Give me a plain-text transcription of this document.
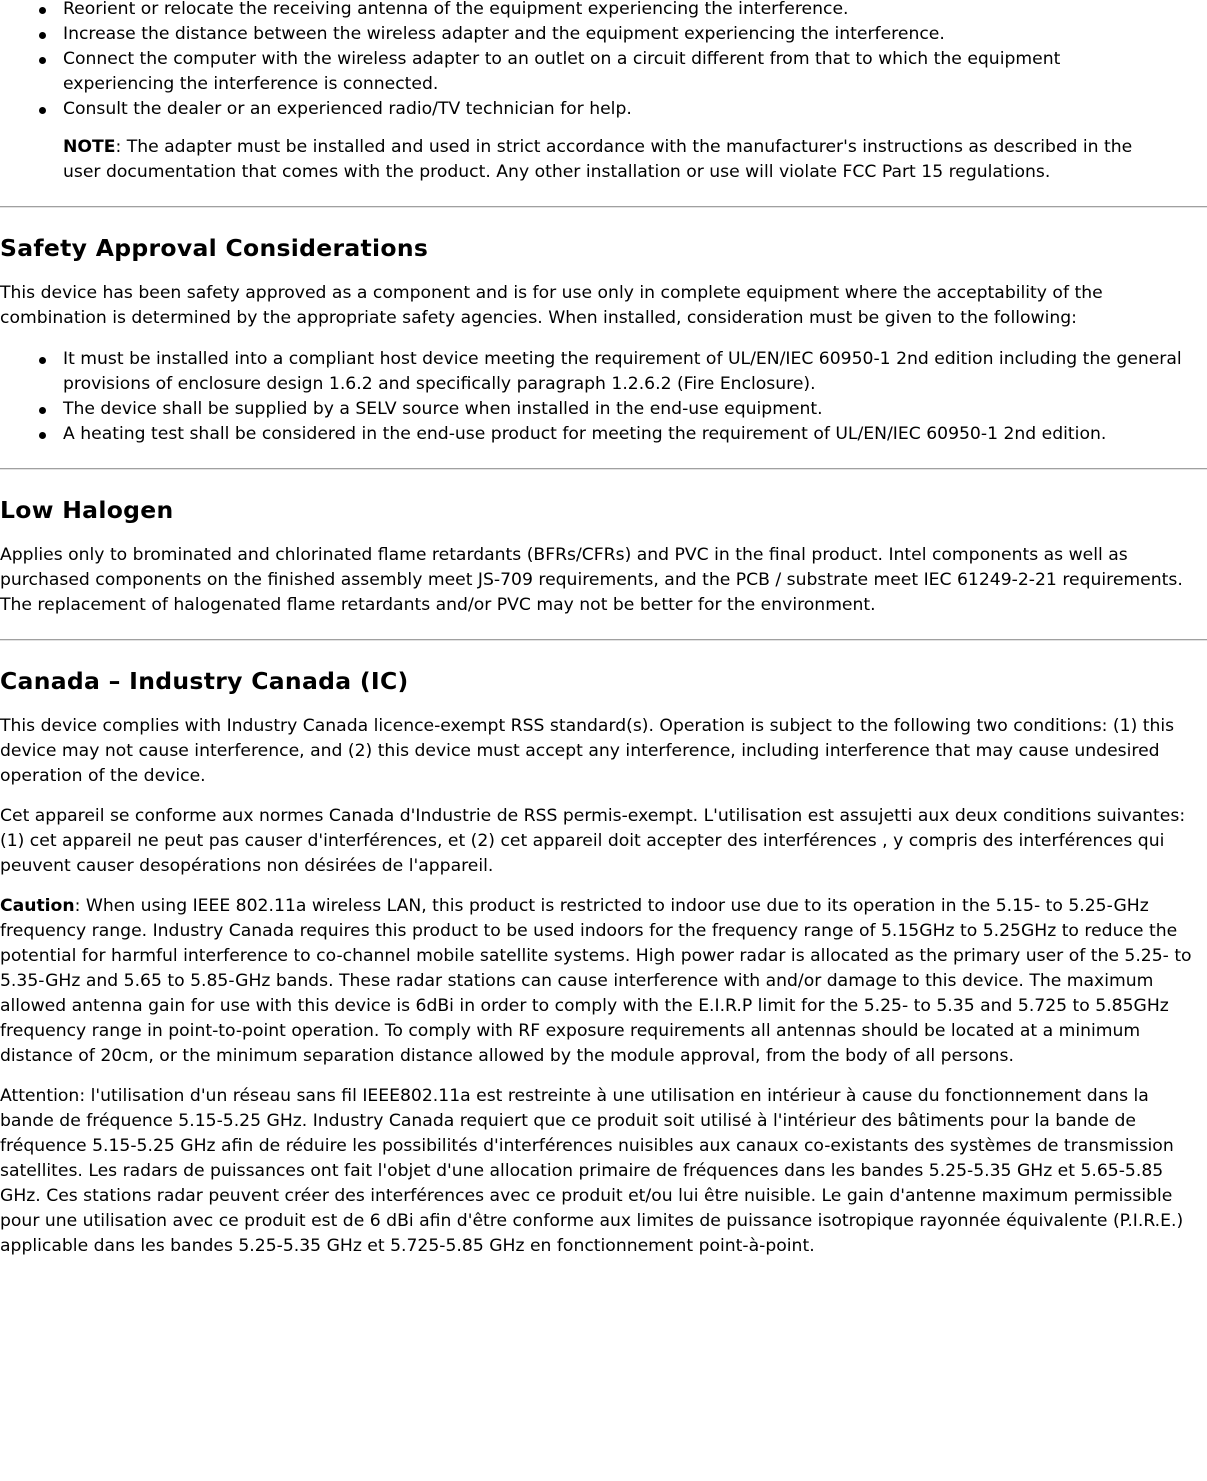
Reorient or relocate the receiving antenna of the equipment experiencing the interference.
Increase the distance between the wireless adapter and the equipment experiencing the interference.
Connect the computer with the wireless adapter to an outlet on a circuit different from that to which the equipment experiencing the interference is connected.
Consult the dealer or an experienced radio/TV technician for help.

NOTE: The adapter must be installed and used in strict accordance with the manufacturer's instructions as described in the user documentation that comes with the product. Any other installation or use will violate FCC Part 15 regulations.

Safety Approval Considerations

This device has been safety approved as a component and is for use only in complete equipment where the acceptability of the combination is determined by the appropriate safety agencies. When installed, consideration must be given to the following:

It must be installed into a compliant host device meeting the requirement of UL/EN/IEC 60950-1 2nd edition including the general provisions of enclosure design 1.6.2 and specifically paragraph 1.2.6.2 (Fire Enclosure).
The device shall be supplied by a SELV source when installed in the end-use equipment.
A heating test shall be considered in the end-use product for meeting the requirement of UL/EN/IEC 60950-1 2nd edition.
Low Halogen

Applies only to brominated and chlorinated flame retardants (BFRs/CFRs) and PVC in the final product. Intel components as well as purchased components on the finished assembly meet JS-709 requirements, and the PCB / substrate meet IEC 61249-2-21 requirements. The replacement of halogenated flame retardants and/or PVC may not be better for the environment.

Canada – Industry Canada (IC)

This device complies with Industry Canada licence-exempt RSS standard(s). Operation is subject to the following two conditions: (1) this device may not cause interference, and (2) this device must accept any interference, including interference that may cause undesired operation of the device.

Cet appareil se conforme aux normes Canada d'Industrie de RSS permis-exempt. L'utilisation est assujetti aux deux conditions suivantes: (1) cet appareil ne peut pas causer d'interférences, et (2) cet appareil doit accepter des interférences , y compris des interférences qui peuvent causer desopérations non désirées de l'appareil.

Caution: When using IEEE 802.11a wireless LAN, this product is restricted to indoor use due to its operation in the 5.15- to 5.25-GHz frequency range. Industry Canada requires this product to be used indoors for the frequency range of 5.15GHz to 5.25GHz to reduce the potential for harmful interference to co-channel mobile satellite systems. High power radar is allocated as the primary user of the 5.25- to 5.35-GHz and 5.65 to 5.85-GHz bands. These radar stations can cause interference with and/or damage to this device. The maximum allowed antenna gain for use with this device is 6dBi in order to comply with the E.I.R.P limit for the 5.25- to 5.35 and 5.725 to 5.85GHz frequency range in point-to-point operation. To comply with RF exposure requirements all antennas should be located at a minimum distance of 20cm, or the minimum separation distance allowed by the module approval, from the body of all persons.

Attention: l'utilisation d'un réseau sans fil IEEE802.11a est restreinte à une utilisation en intérieur à cause du fonctionnement dans la bande de fréquence 5.15-5.25 GHz. Industry Canada requiert que ce produit soit utilisé à l'intérieur des bâtiments pour la bande de fréquence 5.15-5.25 GHz afin de réduire les possibilités d'interférences nuisibles aux canaux co-existants des systèmes de transmission satellites. Les radars de puissances ont fait l'objet d'une allocation primaire de fréquences dans les bandes 5.25-5.35 GHz et 5.65-5.85 GHz. Ces stations radar peuvent créer des interférences avec ce produit et/ou lui être nuisible. Le gain d'antenne maximum permissible pour une utilisation avec ce produit est de 6 dBi afin d'être conforme aux limites de puissance isotropique rayonnée équivalente (P.I.R.E.) applicable dans les bandes 5.25-5.35 GHz et 5.725-5.85 GHz en fonctionnement point-à-point.
